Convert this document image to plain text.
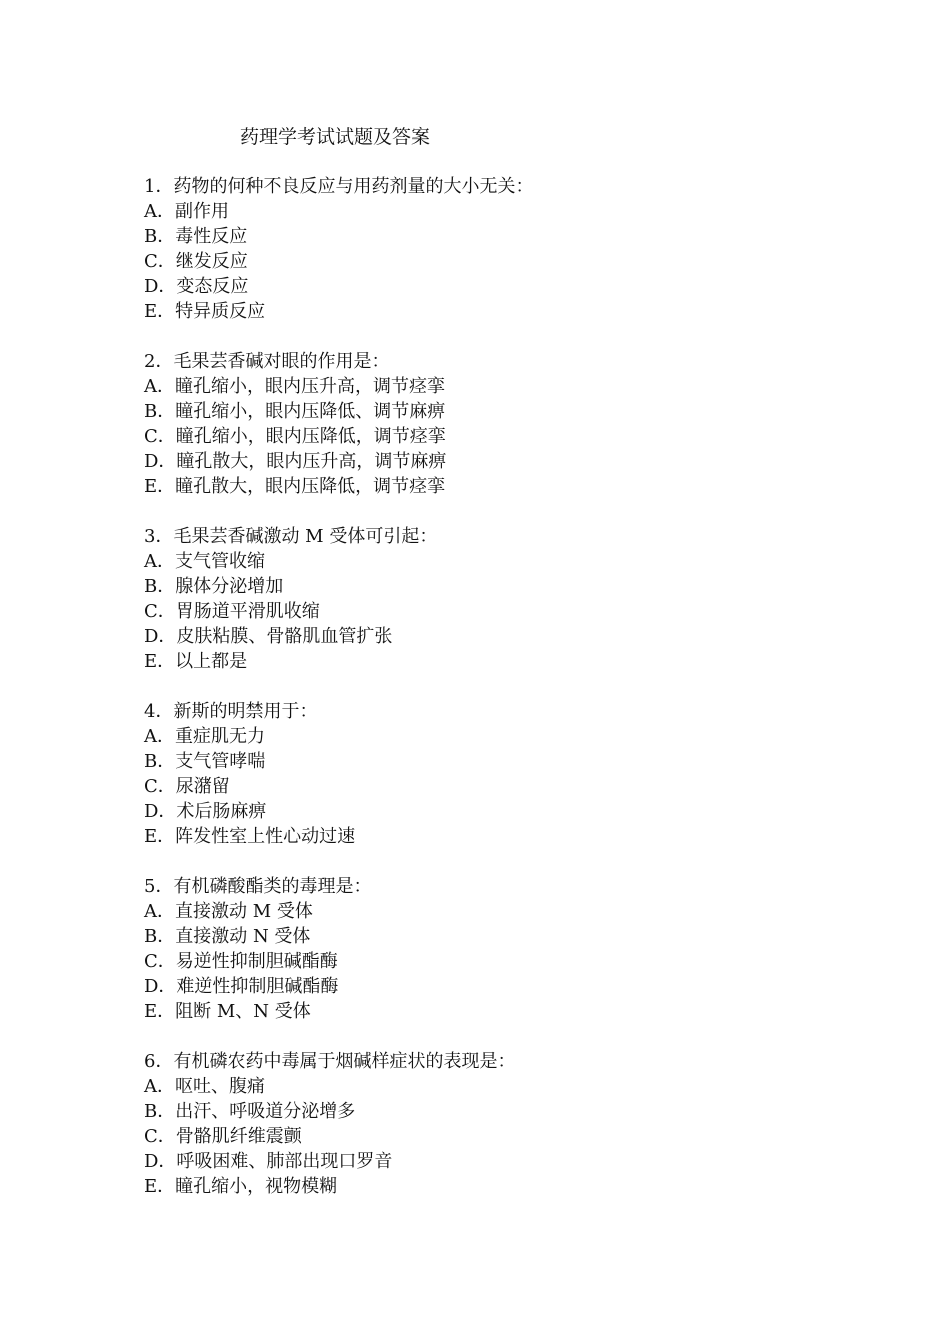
药理学考试试题及答案
1．药物的何种不良反应与用药剂量的大小无关：
A．副作用
B．毒性反应
C．继发反应
D．变态反应
E．特异质反应
2．毛果芸香碱对眼的作用是：
A．瞳孔缩小，眼内压升高，调节痉挛
B．瞳孔缩小，眼内压降低、调节麻痹
C．瞳孔缩小，眼内压降低，调节痉挛
D．瞳孔散大，眼内压升高，调节麻痹
E．瞳孔散大，眼内压降低，调节痉挛
3．毛果芸香碱激动 M 受体可引起：
A．支气管收缩
B．腺体分泌增加
C．胃肠道平滑肌收缩
D．皮肤粘膜、骨骼肌血管扩张
E．以上都是
4．新斯的明禁用于：
A．重症肌无力
B．支气管哮喘
C．尿潴留
D．术后肠麻痹
E．阵发性室上性心动过速
5．有机磷酸酯类的毒理是：
A．直接激动 M 受体
B．直接激动 N 受体
C．易逆性抑制胆碱酯酶
D．难逆性抑制胆碱酯酶
E．阻断 M、N 受体
6．有机磷农药中毒属于烟碱样症状的表现是：
A．呕吐、腹痛
B．出汗、呼吸道分泌增多
C．骨骼肌纤维震颤
D．呼吸困难、肺部出现口罗音
E．瞳孔缩小，视物模糊
